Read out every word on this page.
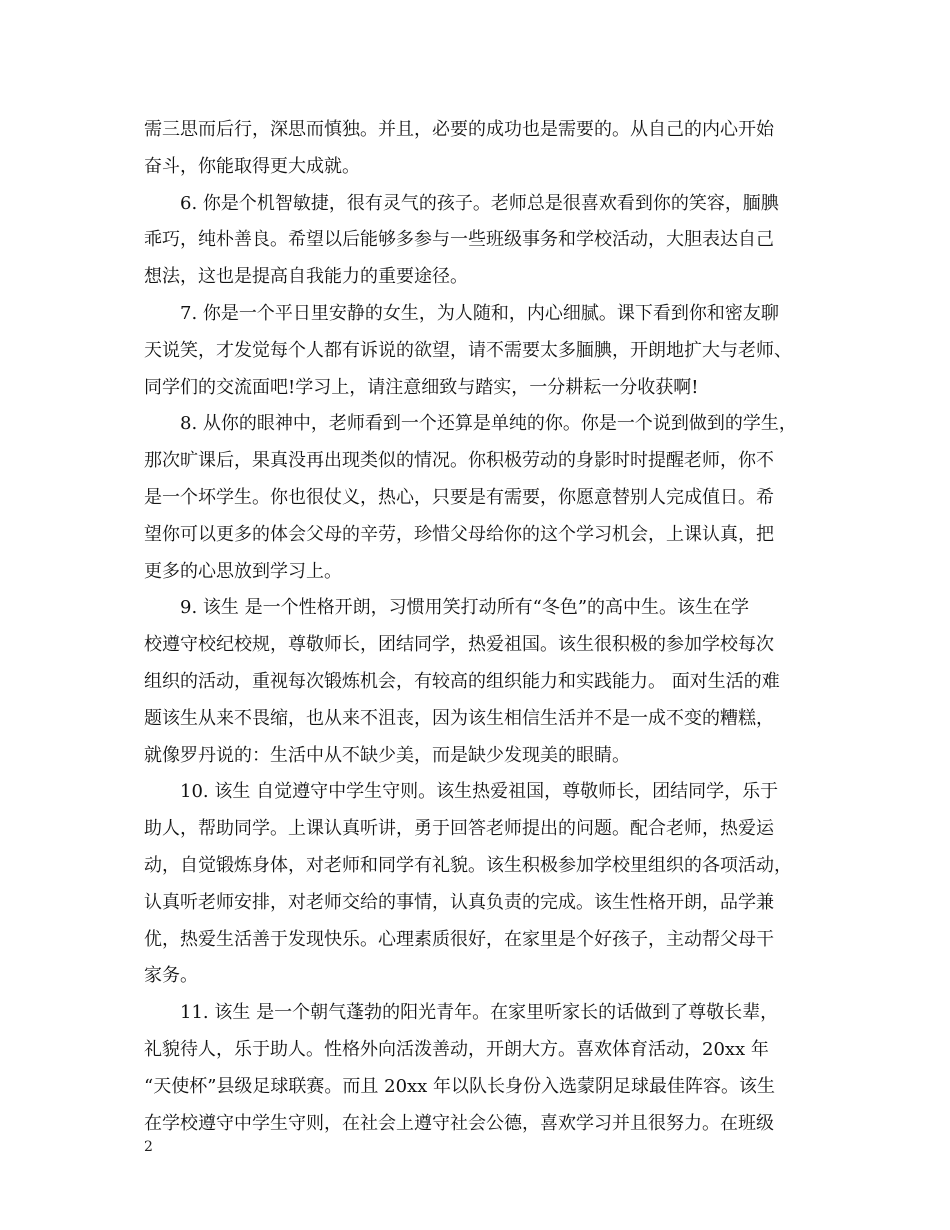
需三思而后行，深思而慎独。并且，必要的成功也是需要的。从自己的内心开始
奋斗，你能取得更大成就。

6. 你是个机智敏捷，很有灵气的孩子。老师总是很喜欢看到你的笑容，腼腆
乖巧，纯朴善良。希望以后能够多参与一些班级事务和学校活动，大胆表达自己
想法，这也是提高自我能力的重要途径。

7. 你是一个平日里安静的女生，为人随和，内心细腻。课下看到你和密友聊
天说笑，才发觉每个人都有诉说的欲望，请不需要太多腼腆，开朗地扩大与老师、
同学们的交流面吧!学习上，请注意细致与踏实，一分耕耘一分收获啊!

8. 从你的眼神中，老师看到一个还算是单纯的你。你是一个说到做到的学生，
那次旷课后，果真没再出现类似的情况。你积极劳动的身影时时提醒老师，你不
是一个坏学生。你也很仗义，热心，只要是有需要，你愿意替别人完成值日。希
望你可以更多的体会父母的辛劳，珍惜父母给你的这个学习机会，上课认真，把
更多的心思放到学习上。

9. 该生 是一个性格开朗，习惯用笑打动所有“冬色”的高中生。该生在学
校遵守校纪校规，尊敬师长，团结同学，热爱祖国。该生很积极的参加学校每次
组织的活动，重视每次锻炼机会，有较高的组织能力和实践能力。 面对生活的难
题该生从来不畏缩，也从来不沮丧，因为该生相信生活并不是一成不变的糟糕，
就像罗丹说的：生活中从不缺少美，而是缺少发现美的眼睛。

10. 该生 自觉遵守中学生守则。该生热爱祖国，尊敬师长，团结同学，乐于
助人，帮助同学。上课认真听讲，勇于回答老师提出的问题。配合老师，热爱运
动，自觉锻炼身体，对老师和同学有礼貌。该生积极参加学校里组织的各项活动，
认真听老师安排，对老师交给的事情，认真负责的完成。该生性格开朗，品学兼
优，热爱生活善于发现快乐。心理素质很好，在家里是个好孩子，主动帮父母干
家务。

11. 该生 是一个朝气蓬勃的阳光青年。在家里听家长的话做到了尊敬长辈，
礼貌待人，乐于助人。性格外向活泼善动，开朗大方。喜欢体育活动，20xx 年
“天使杯”县级足球联赛。而且 20xx 年以队长身份入选蒙阴足球最佳阵容。该生
在学校遵守中学生守则，在社会上遵守社会公德，喜欢学习并且很努力。在班级

2
